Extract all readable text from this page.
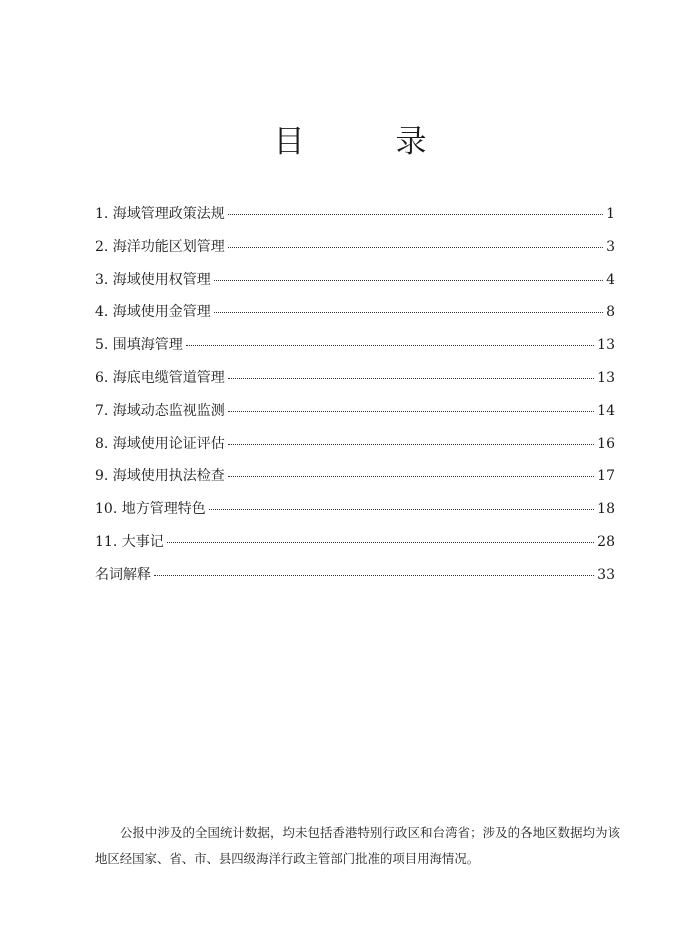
目　录
1. 海域管理政策法规	1
2. 海洋功能区划管理	3
3. 海域使用权管理	4
4. 海域使用金管理	8
5. 围填海管理	13
6. 海底电缆管道管理	13
7. 海域动态监视监测	14
8. 海域使用论证评估	16
9. 海域使用执法检查	17
10. 地方管理特色	18
11. 大事记	28
名词解释	33

公报中涉及的全国统计数据，均未包括香港特别行政区和台湾省；涉及的各地区数据均为该地区经国家、省、市、县四级海洋行政主管部门批准的项目用海情况。
